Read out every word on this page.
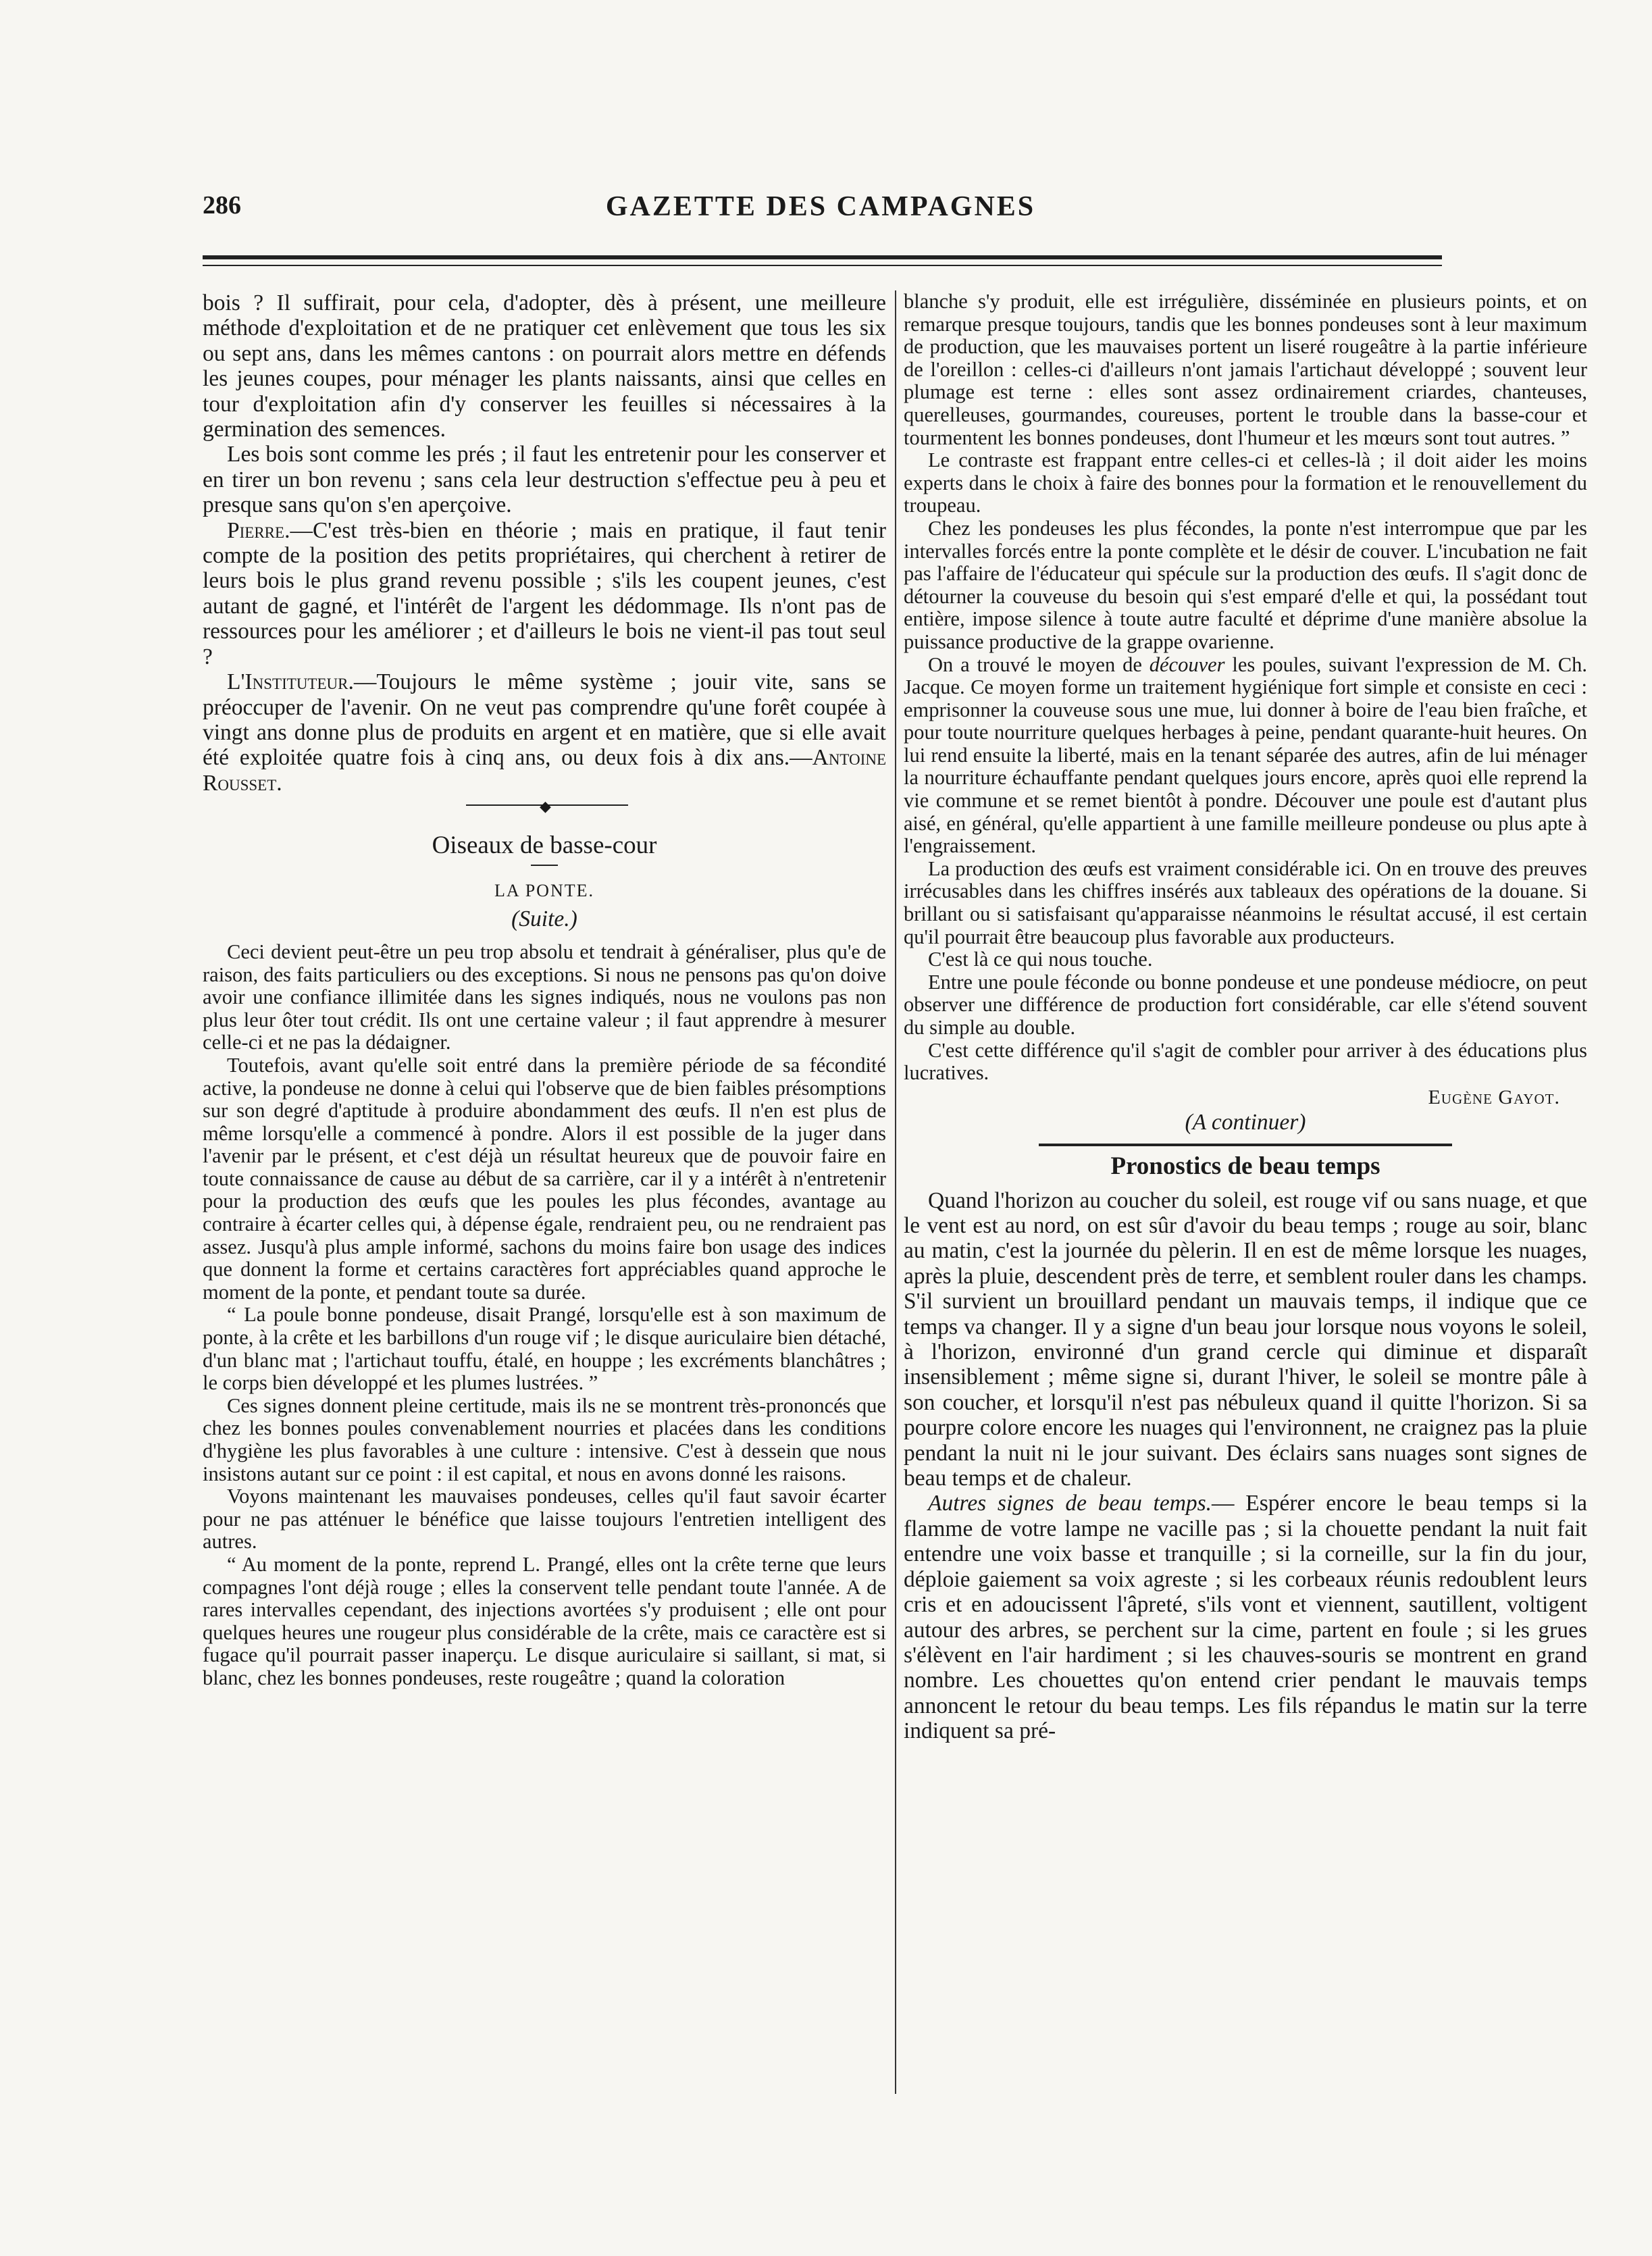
286	GAZETTE DES CAMPAGNES

bois ? Il suffirait, pour cela, d'adopter, dès à présent, une meilleure méthode d'exploitation et de ne pratiquer cet enlèvement que tous les six ou sept ans, dans les mêmes cantons : on pourrait alors mettre en défends les jeunes coupes, pour ménager les plants naissants, ainsi que celles en tour d'exploitation afin d'y conserver les feuilles si nécessaires à la germination des semences.

Les bois sont comme les prés ; il faut les entretenir pour les conserver et en tirer un bon revenu ; sans cela leur destruction s'effectue peu à peu et presque sans qu'on s'en aperçoive.

Pierre.—C'est très-bien en théorie ; mais en pratique, il faut tenir compte de la position des petits propriétaires, qui cherchent à retirer de leurs bois le plus grand revenu possible ; s'ils les coupent jeunes, c'est autant de gagné, et l'intérêt de l'argent les dédommage. Ils n'ont pas de ressources pour les améliorer ; et d'ailleurs le bois ne vient-il pas tout seul ?

L'Instituteur.—Toujours le même système ; jouir vite, sans se préoccuper de l'avenir. On ne veut pas comprendre qu'une forêt coupée à vingt ans donne plus de produits en argent et en matière, que si elle avait été exploitée quatre fois à cinq ans, ou deux fois à dix ans.—Antoine Rousset.

◆

Oiseaux de basse-cour

LA PONTE.

(Suite.)

Ceci devient peut-être un peu trop absolu et tendrait à généraliser, plus qu'e de raison, des faits particuliers ou des exceptions. Si nous ne pensons pas qu'on doive avoir une confiance illimitée dans les signes indiqués, nous ne voulons pas non plus leur ôter tout crédit. Ils ont une certaine valeur ; il faut apprendre à mesurer celle-ci et ne pas la dédaigner.

Toutefois, avant qu'elle soit entré dans la première période de sa fécondité active, la pondeuse ne donne à celui qui l'observe que de bien faibles présomptions sur son degré d'aptitude à produire abondamment des œufs. Il n'en est plus de même lorsqu'elle a commencé à pondre. Alors il est possible de la juger dans l'avenir par le présent, et c'est déjà un résultat heureux que de pouvoir faire en toute connaissance de cause au début de sa carrière, car il y a intérêt à n'entretenir pour la production des œufs que les poules les plus fécondes, avantage au contraire à écarter celles qui, à dépense égale, rendraient peu, ou ne rendraient pas assez. Jusqu'à plus ample informé, sachons du moins faire bon usage des indices que donnent la forme et certains caractères fort appréciables quand approche le moment de la ponte, et pendant toute sa durée.

“ La poule bonne pondeuse, disait Prangé, lorsqu'elle est à son maximum de ponte, à la crête et les barbillons d'un rouge vif ; le disque auriculaire bien détaché, d'un blanc mat ; l'artichaut touffu, étalé, en houppe ; les excréments blanchâtres ; le corps bien développé et les plumes lustrées. ”

Ces signes donnent pleine certitude, mais ils ne se montrent très-prononcés que chez les bonnes poules convenablement nourries et placées dans les conditions d'hygiène les plus favorables à une culture : intensive. C'est à dessein que nous insistons autant sur ce point : il est capital, et nous en avons donné les raisons.

Voyons maintenant les mauvaises pondeuses, celles qu'il faut savoir écarter pour ne pas atténuer le bénéfice que laisse toujours l'entretien intelligent des autres.

“ Au moment de la ponte, reprend L. Prangé, elles ont la crête terne que leurs compagnes l'ont déjà rouge ; elles la conservent telle pendant toute l'année. A de rares intervalles cependant, des injections avortées s'y produisent ; elle ont pour quelques heures une rougeur plus considérable de la crête, mais ce caractère est si fugace qu'il pourrait passer inaperçu. Le disque auriculaire si saillant, si mat, si blanc, chez les bonnes pondeuses, reste rougeâtre ; quand la coloration

blanche s'y produit, elle est irrégulière, disséminée en plusieurs points, et on remarque presque toujours, tandis que les bonnes pondeuses sont à leur maximum de production, que les mauvaises portent un liseré rougeâtre à la partie inférieure de l'oreillon : celles-ci d'ailleurs n'ont jamais l'artichaut développé ; souvent leur plumage est terne : elles sont assez ordinairement criardes, chanteuses, querelleuses, gourmandes, coureuses, portent le trouble dans la basse-cour et tourmentent les bonnes pondeuses, dont l'humeur et les mœurs sont tout autres. ”

Le contraste est frappant entre celles-ci et celles-là ; il doit aider les moins experts dans le choix à faire des bonnes pour la formation et le renouvellement du troupeau.

Chez les pondeuses les plus fécondes, la ponte n'est interrompue que par les intervalles forcés entre la ponte complète et le désir de couver. L'incubation ne fait pas l'affaire de l'éducateur qui spécule sur la production des œufs. Il s'agit donc de détourner la couveuse du besoin qui s'est emparé d'elle et qui, la possédant tout entière, impose silence à toute autre faculté et déprime d'une manière absolue la puissance productive de la grappe ovarienne.

On a trouvé le moyen de découver les poules, suivant l'expression de M. Ch. Jacque. Ce moyen forme un traitement hygiénique fort simple et consiste en ceci : emprisonner la couveuse sous une mue, lui donner à boire de l'eau bien fraîche, et pour toute nourriture quelques herbages à peine, pendant quarante-huit heures. On lui rend ensuite la liberté, mais en la tenant séparée des autres, afin de lui ménager la nourriture échauffante pendant quelques jours encore, après quoi elle reprend la vie commune et se remet bientôt à pondre. Découver une poule est d'autant plus aisé, en général, qu'elle appartient à une famille meilleure pondeuse ou plus apte à l'engraissement.

La production des œufs est vraiment considérable ici. On en trouve des preuves irrécusables dans les chiffres insérés aux tableaux des opérations de la douane. Si brillant ou si satisfaisant qu'apparaisse néanmoins le résultat accusé, il est certain qu'il pourrait être beaucoup plus favorable aux producteurs.

C'est là ce qui nous touche.

Entre une poule féconde ou bonne pondeuse et une pondeuse médiocre, on peut observer une différence de production fort considérable, car elle s'étend souvent du simple au double.

C'est cette différence qu'il s'agit de combler pour arriver à des éducations plus lucratives.

Eugène Gayot.

(A continuer)

Pronostics de beau temps

Quand l'horizon au coucher du soleil, est rouge vif ou sans nuage, et que le vent est au nord, on est sûr d'avoir du beau temps ; rouge au soir, blanc au matin, c'est la journée du pèlerin. Il en est de même lorsque les nuages, après la pluie, descendent près de terre, et semblent rouler dans les champs. S'il survient un brouillard pendant un mauvais temps, il indique que ce temps va changer. Il y a signe d'un beau jour lorsque nous voyons le soleil, à l'horizon, environné d'un grand cercle qui diminue et disparaît insensiblement ; même signe si, durant l'hiver, le soleil se montre pâle à son coucher, et lorsqu'il n'est pas nébuleux quand il quitte l'horizon. Si sa pourpre colore encore les nuages qui l'environnent, ne craignez pas la pluie pendant la nuit ni le jour suivant. Des éclairs sans nuages sont signes de beau temps et de chaleur.

Autres signes de beau temps.— Espérer encore le beau temps si la flamme de votre lampe ne vacille pas ; si la chouette pendant la nuit fait entendre une voix basse et tranquille ; si la corneille, sur la fin du jour, déploie gaiement sa voix agreste ; si les corbeaux réunis redoublent leurs cris et en adoucissent l'âpreté, s'ils vont et viennent, sautillent, voltigent autour des arbres, se perchent sur la cime, partent en foule ; si les grues s'élèvent en l'air hardiment ; si les chauves-souris se montrent en grand nombre. Les chouettes qu'on entend crier pendant le mauvais temps annoncent le retour du beau temps. Les fils répandus le matin sur la terre indiquent sa pré-
